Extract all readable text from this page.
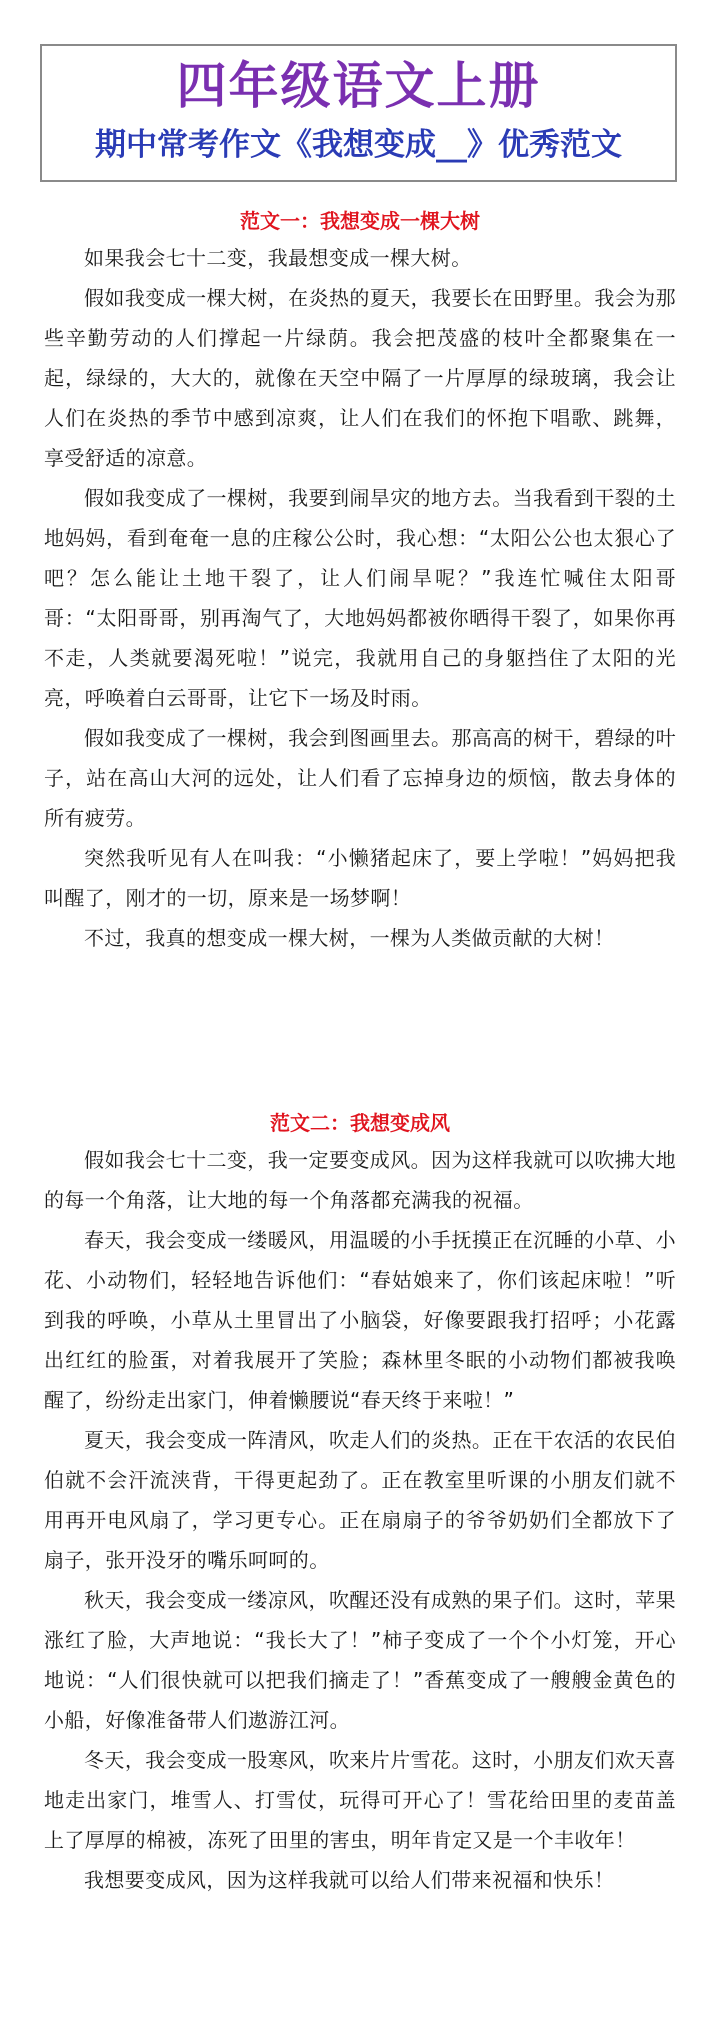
四年级语文上册
期中常考作文《我想变成__》优秀范文
范文一：我想变成一棵大树

如果我会七十二变，我最想变成一棵大树。

假如我变成一棵大树，在炎热的夏天，我要长在田野里。我会为那些辛勤劳动的人们撑起一片绿荫。我会把茂盛的枝叶全都聚集在一起，绿绿的，大大的，就像在天空中隔了一片厚厚的绿玻璃，我会让人们在炎热的季节中感到凉爽，让人们在我们的怀抱下唱歌、跳舞，享受舒适的凉意。

假如我变成了一棵树，我要到闹旱灾的地方去。当我看到干裂的土地妈妈，看到奄奄一息的庄稼公公时，我心想：“太阳公公也太狠心了吧？怎么能让土地干裂了，让人们闹旱呢？”我连忙喊住太阳哥哥：“太阳哥哥，别再淘气了，大地妈妈都被你晒得干裂了，如果你再不走，人类就要渴死啦！”说完，我就用自己的身躯挡住了太阳的光亮，呼唤着白云哥哥，让它下一场及时雨。

假如我变成了一棵树，我会到图画里去。那高高的树干，碧绿的叶子，站在高山大河的远处，让人们看了忘掉身边的烦恼，散去身体的所有疲劳。

突然我听见有人在叫我：“小懒猪起床了，要上学啦！”妈妈把我叫醒了，刚才的一切，原来是一场梦啊！

不过，我真的想变成一棵大树，一棵为人类做贡献的大树！

范文二：我想变成风

假如我会七十二变，我一定要变成风。因为这样我就可以吹拂大地的每一个角落，让大地的每一个角落都充满我的祝福。

春天，我会变成一缕暖风，用温暖的小手抚摸正在沉睡的小草、小花、小动物们，轻轻地告诉他们：“春姑娘来了，你们该起床啦！”听到我的呼唤，小草从土里冒出了小脑袋，好像要跟我打招呼；小花露出红红的脸蛋，对着我展开了笑脸；森林里冬眠的小动物们都被我唤醒了，纷纷走出家门，伸着懒腰说“春天终于来啦！”

夏天，我会变成一阵清风，吹走人们的炎热。正在干农活的农民伯伯就不会汗流浃背，干得更起劲了。正在教室里听课的小朋友们就不用再开电风扇了，学习更专心。正在扇扇子的爷爷奶奶们全都放下了扇子，张开没牙的嘴乐呵呵的。

秋天，我会变成一缕凉风，吹醒还没有成熟的果子们。这时，苹果涨红了脸，大声地说：“我长大了！”柿子变成了一个个小灯笼，开心地说：“人们很快就可以把我们摘走了！”香蕉变成了一艘艘金黄色的小船，好像准备带人们遨游江河。

冬天，我会变成一股寒风，吹来片片雪花。这时，小朋友们欢天喜地走出家门，堆雪人、打雪仗，玩得可开心了！雪花给田里的麦苗盖上了厚厚的棉被，冻死了田里的害虫，明年肯定又是一个丰收年！

我想要变成风，因为这样我就可以给人们带来祝福和快乐！
